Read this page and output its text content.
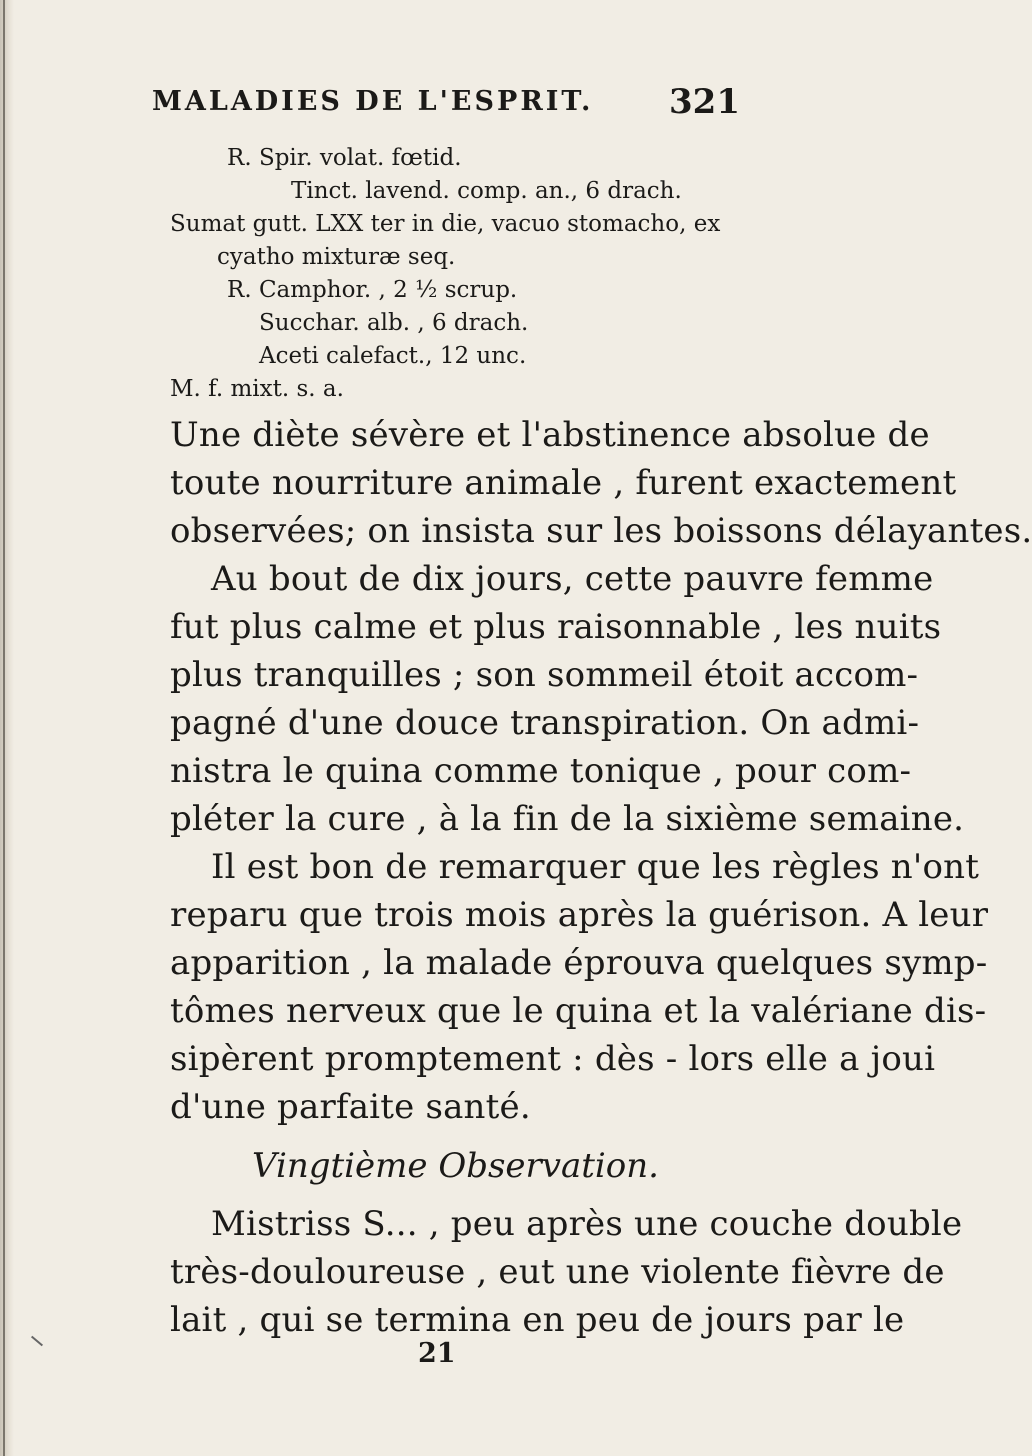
MALADIES DE L'ESPRIT. 321
R. Spir. volat. fœtid.
Tinct. lavend. comp. an., 6 drach.
Sumat gutt. LXX ter in die, vacuo stomacho, ex
cyatho mixturæ seq.
R. Camphor. , 2 ½ scrup.
Succhar. alb. , 6 drach.
Aceti calefact., 12 unc.
M. f. mixt. s. a.
Une diète sévère et l'abstinence absolue de
toute nourriture animale , furent exactement
observées; on insista sur les boissons délayantes.
Au bout de dix jours, cette pauvre femme
fut plus calme et plus raisonnable , les nuits
plus tranquilles ; son sommeil étoit accom-
pagné d'une douce transpiration. On admi-
nistra le quina comme tonique , pour com-
pléter la cure , à la fin de la sixième semaine.
Il est bon de remarquer que les règles n'ont
reparu que trois mois après la guérison. A leur
apparition , la malade éprouva quelques symp-
tômes nerveux que le quina et la valériane dis-
sipèrent promptement : dès - lors elle a joui
d'une parfaite santé.
Vingtième Observation.
Mistriss S... , peu après une couche double
très-douloureuse , eut une violente fièvre de
lait , qui se termina en peu de jours par le
21
